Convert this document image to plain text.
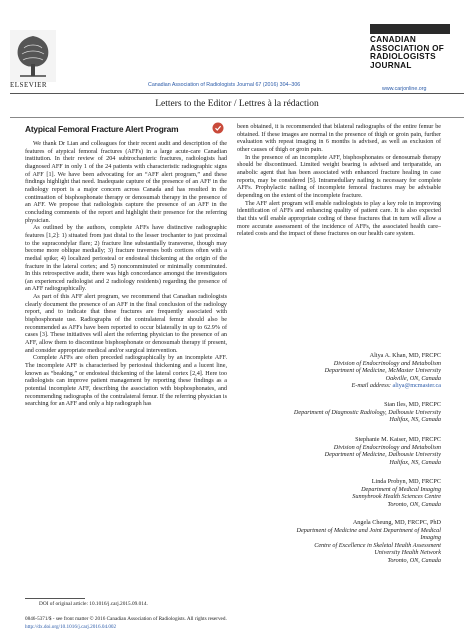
ELSEVIER	Canadian Association of Radiologists Journal 67 (2016) 304–306
CANADIAN
ASSOCIATION OF
RADIOLOGISTS
JOURNAL
www.carjonline.org
Letters to the Editor / Lettres à la rédaction
Atypical Femoral Fracture Alert Program

We thank Dr Lian and colleagues for their recent audit and description of the features of atypical femoral fractures (AFFs) in a large acute-care Canadian institution. In their review of 204 subtrochanteric fractures, radiologists had diagnosed AFF in only 1 of the 24 patients with characteristic radiographic signs of AFF [1]. We have been advocating for an “AFF alert program,” and these findings highlight that need. Inadequate capture of the presence of an AFF in the radiology report is a major concern across Canada and has resulted in the continuation of bisphosphonate therapy or denosumab therapy in the presence of an AFF. We propose that radiologists capture the presence of an AFF in the concluding comments of the report and highlight their presence for the referring physician.

As outlined by the authors, complete AFFs have distinctive radiographic features [1,2]: 1) situated from just distal to the lesser trochanter to just proximal to the supracondylar flare; 2) fracture line substantially transverse, though may become more oblique medially; 3) fracture traverses both cortices often with a medial spike; 4) localized periosteal or endosteal thickening at the origin of the fracture in the lateral cortex; and 5) noncomminuted or minimally comminuted. In this retrospective audit, there was high concordance amongst the investigators (an experienced radiologist and 2 radiology residents) regarding the presence of an AFF radiographically.

As part of this AFF alert program, we recommend that Canadian radiologists clearly document the presence of an AFF in the final conclusion of the radiology report, and to indicate that these fractures are frequently associated with bisphosphonate use. Radiographs of the contralateral femur should also be recommended as AFFs have been reported to occur bilaterally in up to 62.9% of cases [3]. These initiatives will alert the referring physician to the presence of an AFF, allow them to discontinue bisphosphonate or denosumab therapy if present, and consider appropriate medical and/or surgical intervention.

Complete AFFs are often preceded radiographically by an incomplete AFF. The incomplete AFF is characterised by periosteal thickening and a lucent line, known as “beaking,” or endosteal thickening of the lateral cortex [2,4]. Here too radiologists can improve patient management by reporting these findings as a potential incomplete AFF, describing the association with bisphosphonates, and recommending radiographs of the contralateral femur. If the referring physician is searching for an AFF and only a hip radiograph has

been obtained, it is recommended that bilateral radiographs of the entire femur be obtained. If these images are normal in the presence of thigh or groin pain, further evaluation with repeat imaging in 6 months is advised, as well as exclusion of other causes of thigh or groin pain.

In the presence of an incomplete AFF, bisphosphonates or denosumab therapy should be discontinued. Limited weight bearing is advised and teriparatide, an anabolic agent that has been associated with enhanced fracture healing in case reports, may be considered [5]. Intramedullary nailing is necessary for complete AFFs. Prophylactic nailing of incomplete femoral fractures may be advisable depending on the extent of the incomplete fracture.

The AFF alert program will enable radiologists to play a key role in improving identification of AFFs and enhancing quality of patient care. It is also expected that this will enable appropriate coding of these fractures that in turn will allow a more accurate assessment of the incidence of AFFs, the associated health care–related costs and the impact of these fractures on our health care system.

Aliya A. Khan, MD, FRCPC
Division of Endocrinology and Metabolism
Department of Medicine, McMaster University
Oakville, ON, Canada
E-mail address: aliya@mcmaster.ca
Sian Iles, MD, FRCPC
Department of Diagnostic Radiology, Dalhousie University
Halifax, NS, Canada
Stephanie M. Kaiser, MD, FRCPC
Division of Endocrinology and Metabolism
Department of Medicine, Dalhousie University
Halifax, NS, Canada
Linda Probyn, MD, FRCPC
Department of Medical Imaging
Sunnybrook Health Sciences Centre
Toronto, ON, Canada
Angela Cheung, MD, FRCPC, PhD
Department of Medicine and Joint Department of Medical
Imaging
Centre of Excellence in Skeletal Health Assessment
University Health Network
Toronto, ON, Canada
DOI of original article: 10.1016/j.carj.2015.09.014.
0846-5371/$ - see front matter © 2016 Canadian Association of Radiologists. All rights reserved.
http://dx.doi.org/10.1016/j.carj.2016.04.002
